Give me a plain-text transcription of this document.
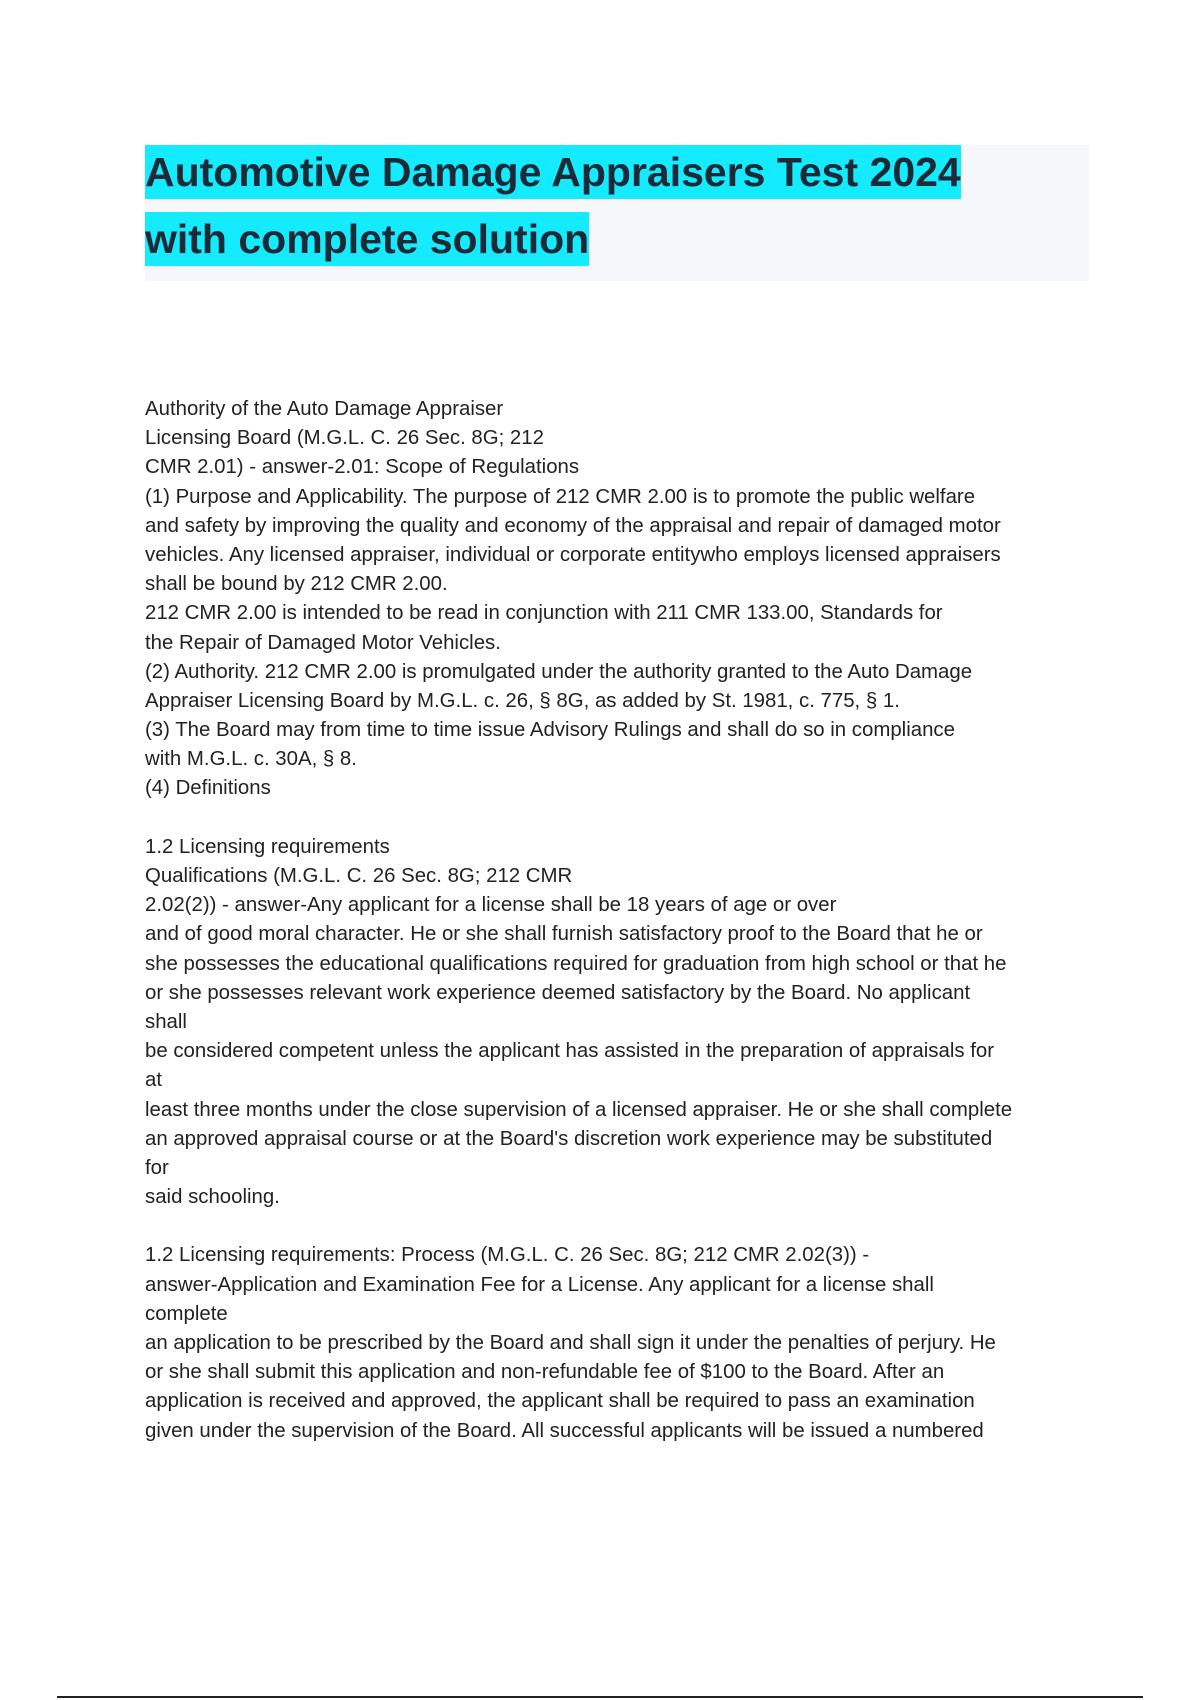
Automotive Damage Appraisers Test 2024
with complete solution
Authority of the Auto Damage Appraiser
Licensing Board (M.G.L. C. 26 Sec. 8G; 212
CMR 2.01) - answer-2.01: Scope of Regulations
(1) Purpose and Applicability. The purpose of 212 CMR 2.00 is to promote the public welfare
and safety by improving the quality and economy of the appraisal and repair of damaged motor
vehicles. Any licensed appraiser, individual or corporate entitywho employs licensed appraisers
shall be bound by 212 CMR 2.00.
212 CMR 2.00 is intended to be read in conjunction with 211 CMR 133.00, Standards for
the Repair of Damaged Motor Vehicles.
(2) Authority. 212 CMR 2.00 is promulgated under the authority granted to the Auto Damage
Appraiser Licensing Board by M.G.L. c. 26, § 8G, as added by St. 1981, c. 775, § 1.
(3) The Board may from time to time issue Advisory Rulings and shall do so in compliance
with M.G.L. c. 30A, § 8.
(4) Definitions
1.2 Licensing requirements
Qualifications (M.G.L. C. 26 Sec. 8G; 212 CMR
2.02(2)) - answer-Any applicant for a license shall be 18 years of age or over
and of good moral character. He or she shall furnish satisfactory proof to the Board that he or
she possesses the educational qualifications required for graduation from high school or that he
or she possesses relevant work experience deemed satisfactory by the Board. No applicant
shall
be considered competent unless the applicant has assisted in the preparation of appraisals for
at
least three months under the close supervision of a licensed appraiser. He or she shall complete
an approved appraisal course or at the Board's discretion work experience may be substituted
for
said schooling.
1.2 Licensing requirements: Process (M.G.L. C. 26 Sec. 8G; 212 CMR 2.02(3)) -
answer-Application and Examination Fee for a License. Any applicant for a license shall
complete
an application to be prescribed by the Board and shall sign it under the penalties of perjury. He
or she shall submit this application and non-refundable fee of $100 to the Board. After an
application is received and approved, the applicant shall be required to pass an examination
given under the supervision of the Board. All successful applicants will be issued a numbered
